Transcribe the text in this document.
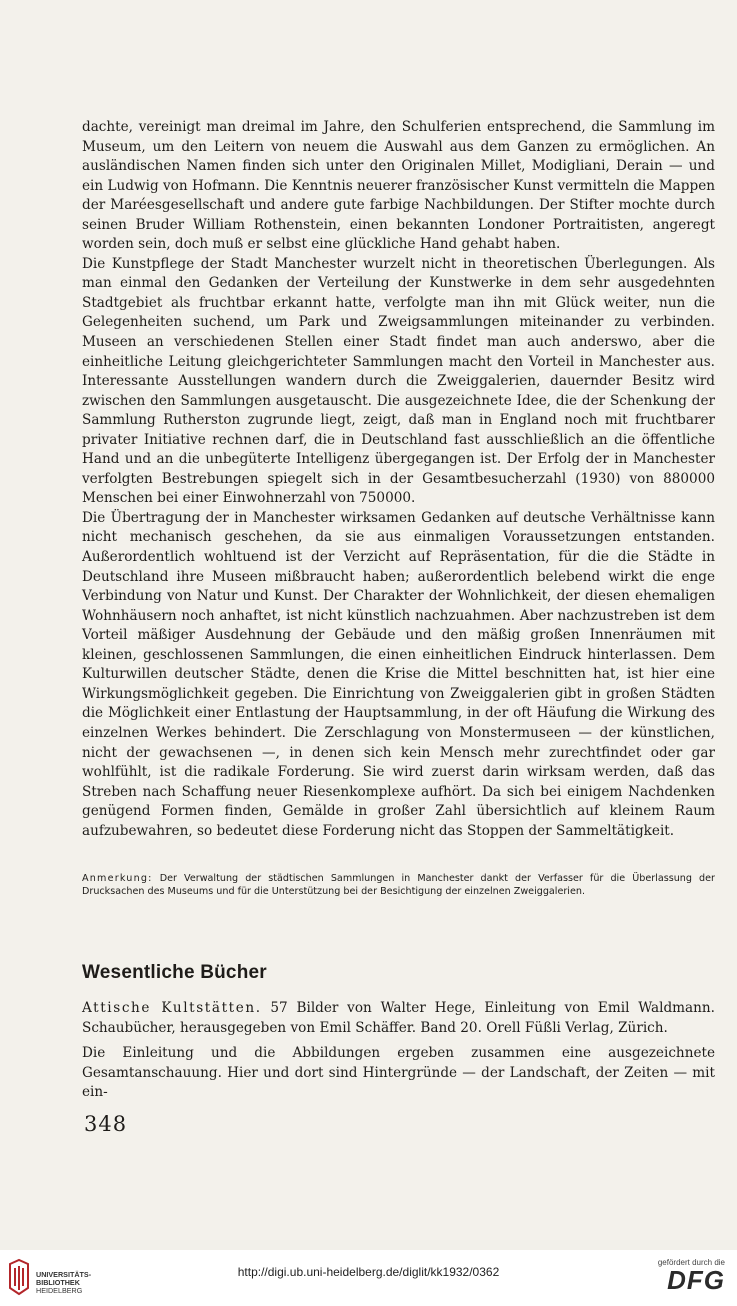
dachte, vereinigt man dreimal im Jahre, den Schulferien entsprechend, die Sammlung im Museum, um den Leitern von neuem die Auswahl aus dem Ganzen zu ermöglichen. An ausländischen Namen finden sich unter den Originalen Millet, Modigliani, Derain — und ein Ludwig von Hofmann. Die Kenntnis neuerer französischer Kunst vermitteln die Mappen der Maréesgesellschaft und andere gute farbige Nachbildungen. Der Stifter mochte durch seinen Bruder William Rothenstein, einen bekannten Londoner Portraitisten, angeregt worden sein, doch muß er selbst eine glückliche Hand gehabt haben.

Die Kunstpflege der Stadt Manchester wurzelt nicht in theoretischen Überlegungen. Als man einmal den Gedanken der Verteilung der Kunstwerke in dem sehr ausgedehnten Stadtgebiet als fruchtbar erkannt hatte, verfolgte man ihn mit Glück weiter, nun die Gelegenheiten suchend, um Park und Zweigsammlungen miteinander zu verbinden. Museen an verschiedenen Stellen einer Stadt findet man auch anderswo, aber die einheitliche Leitung gleichgerichteter Sammlungen macht den Vorteil in Manchester aus. Interessante Ausstellungen wandern durch die Zweiggalerien, dauernder Besitz wird zwischen den Sammlungen ausgetauscht. Die ausgezeichnete Idee, die der Schenkung der Sammlung Rutherston zugrunde liegt, zeigt, daß man in England noch mit fruchtbarer privater Initiative rechnen darf, die in Deutschland fast ausschließlich an die öffentliche Hand und an die unbegüterte Intelligenz übergegangen ist. Der Erfolg der in Manchester verfolgten Bestrebungen spiegelt sich in der Gesamtbesucherzahl (1930) von 880000 Menschen bei einer Einwohnerzahl von 750000.

Die Übertragung der in Manchester wirksamen Gedanken auf deutsche Verhältnisse kann nicht mechanisch geschehen, da sie aus einmaligen Voraussetzungen entstanden. Außerordentlich wohltuend ist der Verzicht auf Repräsentation, für die die Städte in Deutschland ihre Museen mißbraucht haben; außerordentlich belebend wirkt die enge Verbindung von Natur und Kunst. Der Charakter der Wohnlichkeit, der diesen ehemaligen Wohnhäusern noch anhaftet, ist nicht künstlich nachzuahmen. Aber nachzustreben ist dem Vorteil mäßiger Ausdehnung der Gebäude und den mäßig großen Innenräumen mit kleinen, geschlossenen Sammlungen, die einen einheitlichen Eindruck hinterlassen. Dem Kulturwillen deutscher Städte, denen die Krise die Mittel beschnitten hat, ist hier eine Wirkungsmöglichkeit gegeben. Die Einrichtung von Zweiggalerien gibt in großen Städten die Möglichkeit einer Entlastung der Hauptsammlung, in der oft Häufung die Wirkung des einzelnen Werkes behindert. Die Zerschlagung von Monstermuseen — der künstlichen, nicht der gewachsenen —, in denen sich kein Mensch mehr zurechtfindet oder gar wohlfühlt, ist die radikale Forderung. Sie wird zuerst darin wirksam werden, daß das Streben nach Schaffung neuer Riesenkomplexe aufhört. Da sich bei einigem Nachdenken genügend Formen finden, Gemälde in großer Zahl übersichtlich auf kleinem Raum aufzubewahren, so bedeutet diese Forderung nicht das Stoppen der Sammeltätigkeit.

Anmerkung: Der Verwaltung der städtischen Sammlungen in Manchester dankt der Verfasser für die Überlassung der Drucksachen des Museums und für die Unterstützung bei der Besichtigung der einzelnen Zweiggalerien.
Wesentliche Bücher

Attische Kultstätten. 57 Bilder von Walter Hege, Einleitung von Emil Waldmann. Schaubücher, herausgegeben von Emil Schäffer. Band 20. Orell Füßli Verlag, Zürich.

Die Einleitung und die Abbildungen ergeben zusammen eine ausgezeichnete Gesamtanschauung. Hier und dort sind Hintergründe — der Landschaft, der Zeiten — mit ein-

348
UNIVERSITÄTS-
BIBLIOTHEK
HEIDELBERG
http://digi.ub.uni-heidelberg.de/diglit/kk1932/0362
gefördert durch die
DFG
